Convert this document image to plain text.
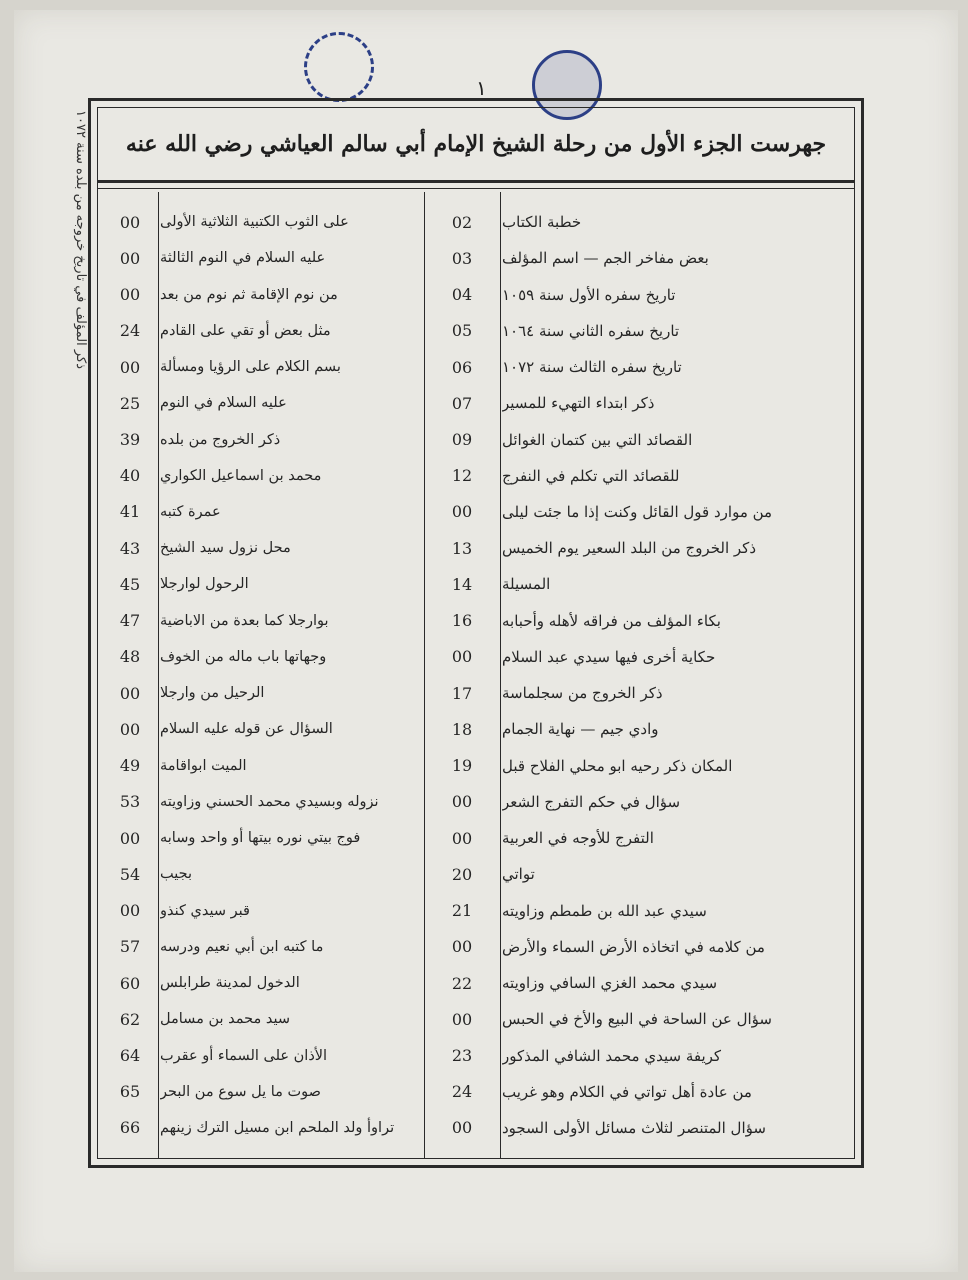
١
ذكر المؤلف في تاريخ خروجه من بلده سنة ١٠٧٢ جهرست الجزء الأول من رحلة الشيخ الإمام أبي سالم العياشي رضي الله عنه
خطبة الكتاب
02
على الثوب الكتبية الثلاثية الأولى
00
بعض مفاخر الجم — اسم المؤلف
03
عليه السلام في النوم الثالثة
00
تاريخ سفره الأول سنة ١٠٥٩
04
من نوم الإقامة ثم نوم من بعد
00
تاريخ سفره الثاني سنة ١٠٦٤
05
مثل بعض أو تقي على القادم
24
تاريخ سفره الثالث سنة ١٠٧٢
06
بسم الكلام على الرؤيا ومسألة
00
ذكر ابتداء التهيء للمسير
07
عليه السلام في النوم
25
القصائد التي بين كتمان الغوائل
09
ذكر الخروج من بلده
39
للقصائد التي تكلم في النفرج
12
محمد بن اسماعيل الكواري
40
من موارد قول القائل وكنت إذا ما جئت ليلى
00
عمرة كتبه
41
ذكر الخروج من البلد السعير يوم الخميس
13
محل نزول سيد الشيخ
43
المسيلة
14
الرحول لوارجلا
45
بكاء المؤلف من فراقه لأهله وأحبابه
16
بوارجلا كما بعدة من الاباضية
47
حكاية أخرى فيها سيدي عبد السلام
00
وجهاتها باب ماله من الخوف
48
ذكر الخروج من سجلماسة
17
الرحيل من وارجلا
00
وادي جيم — نهاية الجمام
18
السؤال عن قوله عليه السلام
00
المكان ذكر رحيه ابو محلي الفلاح قبل
19
الميت ابواقامة
49
سؤال في حكم التفرج الشعر
00
نزوله وبسيدي محمد الحسني وزاويته
53
التفرج للأوجه في العربية
00
فوج بيتي نوره بيتها أو واحد وسابه
00
تواتي
20
بجيب
54
سيدي عبد الله بن طمطم وزاويته
21
قبر سيدي كنذو
00
من كلامه في اتخاذه الأرض السماء والأرض
00
ما كتبه ابن أبي نعيم ودرسه
57
سيدي محمد الغزي السافي وزاويته
22
الدخول لمدينة طرابلس
60
سؤال عن الساحة في البيع والأخ في الحبس
00
سيد محمد بن مسامل
62
كريفة سيدي محمد الشافي المذكور
23
الأذان على السماء أو عقرب
64
من عادة أهل تواتي في الكلام وهو غريب
24
صوت ما يل سوع من البحر
65
سؤال المتنصر لثلاث مسائل الأولى السجود
00
تراوأ ولد الملحم ابن مسيل الترك زينهم
66
